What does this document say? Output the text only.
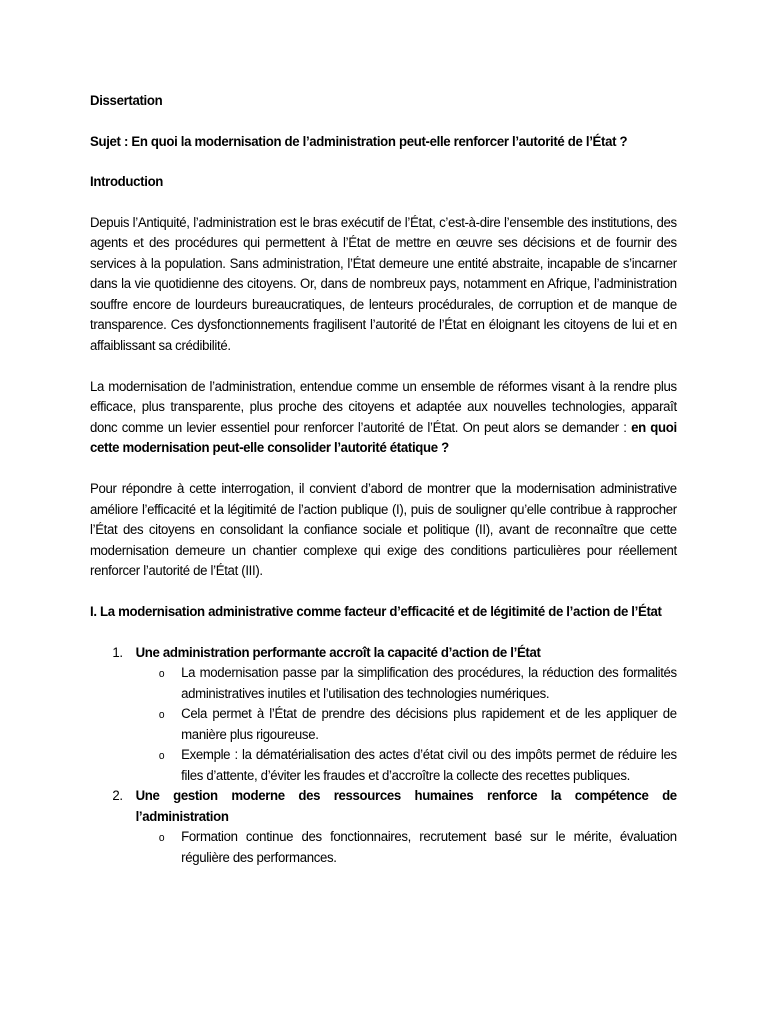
Dissertation

Sujet : En quoi la modernisation de l’administration peut-elle renforcer l’autorité de l’État ?

Introduction

Depuis l’Antiquité, l’administration est le bras exécutif de l’État, c’est-à-dire l’ensemble des institutions, des agents et des procédures qui permettent à l’État de mettre en œuvre ses décisions et de fournir des services à la population. Sans administration, l’État demeure une entité abstraite, incapable de s’incarner dans la vie quotidienne des citoyens. Or, dans de nombreux pays, notamment en Afrique, l’administration souffre encore de lourdeurs bureaucratiques, de lenteurs procédurales, de corruption et de manque de transparence. Ces dysfonctionnements fragilisent l’autorité de l’État en éloignant les citoyens de lui et en affaiblissant sa crédibilité.

La modernisation de l’administration, entendue comme un ensemble de réformes visant à la rendre plus efficace, plus transparente, plus proche des citoyens et adaptée aux nouvelles technologies, apparaît donc comme un levier essentiel pour renforcer l’autorité de l’État. On peut alors se demander : en quoi cette modernisation peut-elle consolider l’autorité étatique ?

Pour répondre à cette interrogation, il convient d’abord de montrer que la modernisation administrative améliore l’efficacité et la légitimité de l’action publique (I), puis de souligner qu’elle contribue à rapprocher l’État des citoyens en consolidant la confiance sociale et politique (II), avant de reconnaître que cette modernisation demeure un chantier complexe qui exige des conditions particulières pour réellement renforcer l’autorité de l’État (III).

I. La modernisation administrative comme facteur d’efficacité et de légitimité de l’action de l’État

1. Une administration performante accroît la capacité d’action de l’État

o La modernisation passe par la simplification des procédures, la réduction des formalités administratives inutiles et l’utilisation des technologies numériques.
o Cela permet à l’État de prendre des décisions plus rapidement et de les appliquer de manière plus rigoureuse.
o Exemple : la dématérialisation des actes d’état civil ou des impôts permet de réduire les files d’attente, d’éviter les fraudes et d’accroître la collecte des recettes publiques.
2. Une gestion moderne des ressources humaines renforce la compétence de l’administration

o Formation continue des fonctionnaires, recrutement basé sur le mérite, évaluation régulière des performances.
